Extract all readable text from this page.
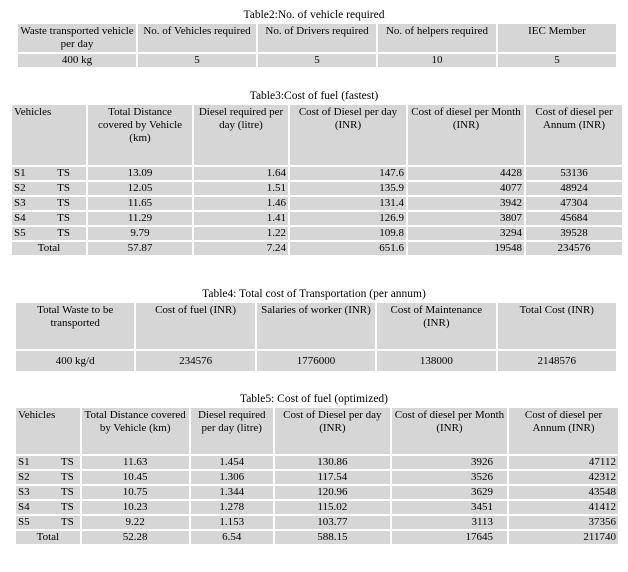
Table2:No. of vehicle required
Waste transported vehicle per day	No. of Vehicles required	No. of Drivers required	No. of helpers required	IEC Member
400 kg	5	5	10	5
Table3:Cost of fuel (fastest)
Vehicles	Total Distance covered by Vehicle (km)	Diesel required per day (litre)	Cost of Diesel per day (INR)	Cost of diesel per Month (INR)	Cost of diesel per Annum (INR)

S1 TS	13.09	1.64	147.6	4428	53136

S2 TS	12.05	1.51	135.9	4077	48924

S3 TS	11.65	1.46	131.4	3942	47304

S4 TS	11.29	1.41	126.9	3807	45684

S5 TS	9.79	1.22	109.8	3294	39528
Total	57.87	7.24	651.6	19548	234576
Table4: Total cost of Transportation (per annum)
Total Waste to be transported	Cost of fuel (INR)	Salaries of worker (INR)	Cost of Maintenance (INR)	Total Cost (INR)
400 kg/d	234576	1776000	138000	2148576
Table5: Cost of fuel (optimized)
Vehicles	Total Distance covered by Vehicle (km)	Diesel required per day (litre)	Cost of Diesel per day (INR)	Cost of diesel per Month (INR)	Cost of diesel per Annum (INR)

S1 TS	11.63	1.454	130.86	3926	47112

S2 TS	10.45	1.306	117.54	3526	42312

S3 TS	10.75	1.344	120.96	3629	43548

S4 TS	10.23	1.278	115.02	3451	41412

S5 TS	9.22	1.153	103.77	3113	37356
Total	52.28	6.54	588.15	17645	211740
